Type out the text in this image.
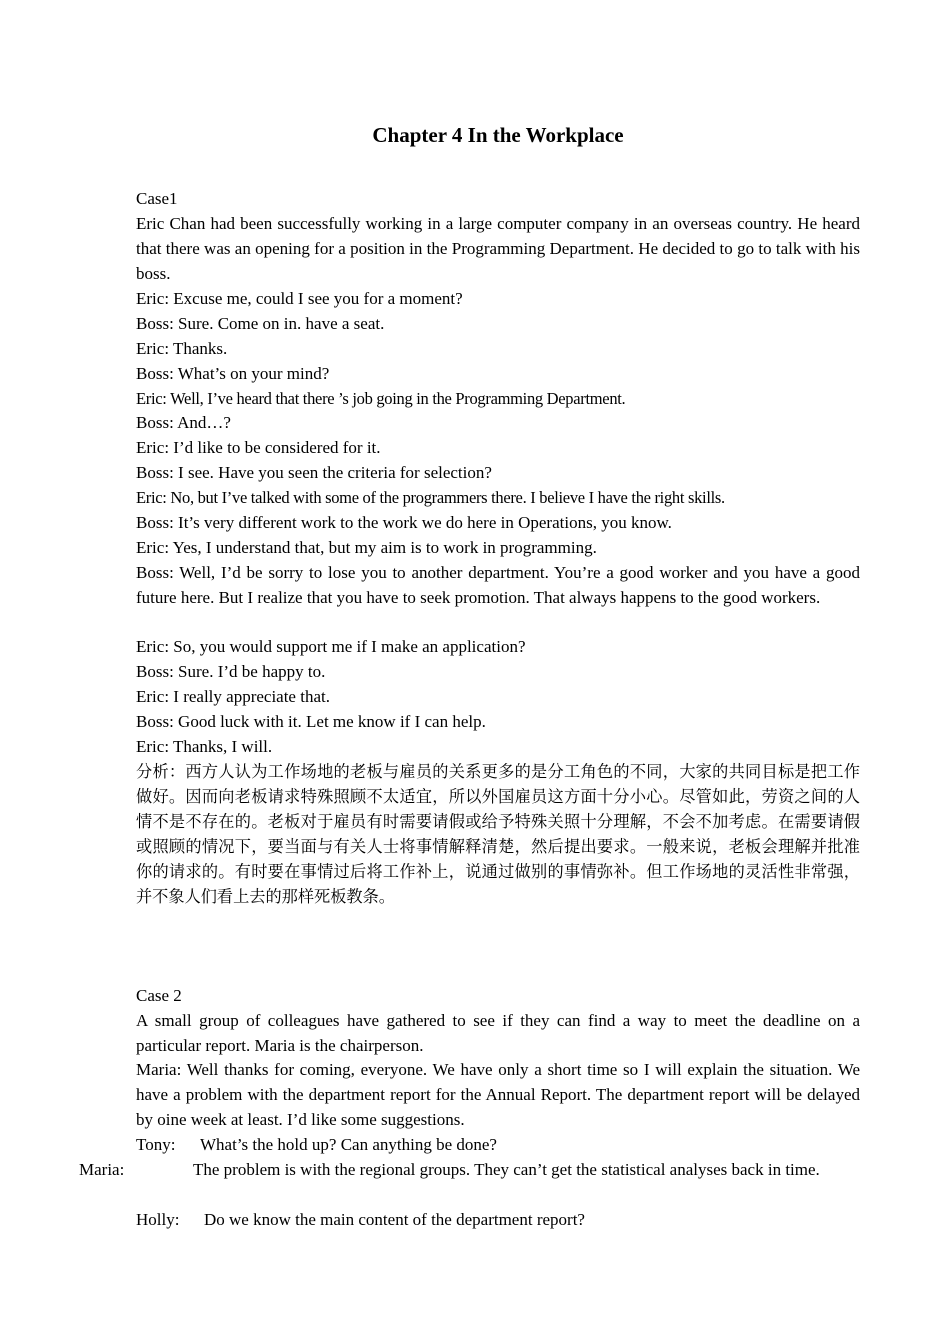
Chapter 4 In the Workplace
Case1
Eric Chan had been successfully working in a large computer company in an overseas country. He heard that there was an opening for a position in the Programming Department. He decided to go to talk with his boss.
Eric: Excuse me, could I see you for a moment?
Boss: Sure. Come on in. have a seat.
Eric: Thanks.
Boss: What’s on your mind?
Eric: Well, I’ve heard that there ’s job going in the Programming Department.
Boss: And…?
Eric: I’d like to be considered for it.
Boss: I see. Have you seen the criteria for selection?
Eric: No, but I’ve talked with some of the programmers there. I believe I have the right skills.
Boss: It’s very different work to the work we do here in Operations, you know.
Eric: Yes, I understand that, but my aim is to work in programming.
Boss: Well, I’d be sorry to lose you to another department. You’re a good worker and you have a good future here. But I realize that you have to seek promotion. That always happens to the good workers.
Eric: So, you would support me if I make an application?
Boss: Sure. I’d be happy to.
Eric: I really appreciate that.
Boss: Good luck with it. Let me know if I can help.
Eric: Thanks, I will.
分析：西方人认为工作场地的老板与雇员的关系更多的是分工角色的不同，大家的共同目标是把工作做好。因而向老板请求特殊照顾不太适宜，所以外国雇员这方面十分小心。尽管如此，劳资之间的人情不是不存在的。老板对于雇员有时需要请假或给予特殊关照十分理解，不会不加考虑。在需要请假或照顾的情况下，要当面与有关人士将事情解释清楚，然后提出要求。一般来说，老板会理解并批准你的请求的。有时要在事情过后将工作补上，说通过做别的事情弥补。但工作场地的灵活性非常强，并不象人们看上去的那样死板教条。
Case 2
A small group of colleagues have gathered to see if they can find a way to meet the deadline on a particular report. Maria is the chairperson.
Maria: Well thanks for coming, everyone. We have only a short time so I will explain the situation. We have a problem with the department report for the Annual Report. The department report will be delayed by oine week at least. I’d like some suggestions.
Tony: What’s the hold up? Can anything be done?
Maria:	The problem is with the regional groups. They can’t get the statistical analyses back in time.
Holly: Do we know the main content of the department report?
